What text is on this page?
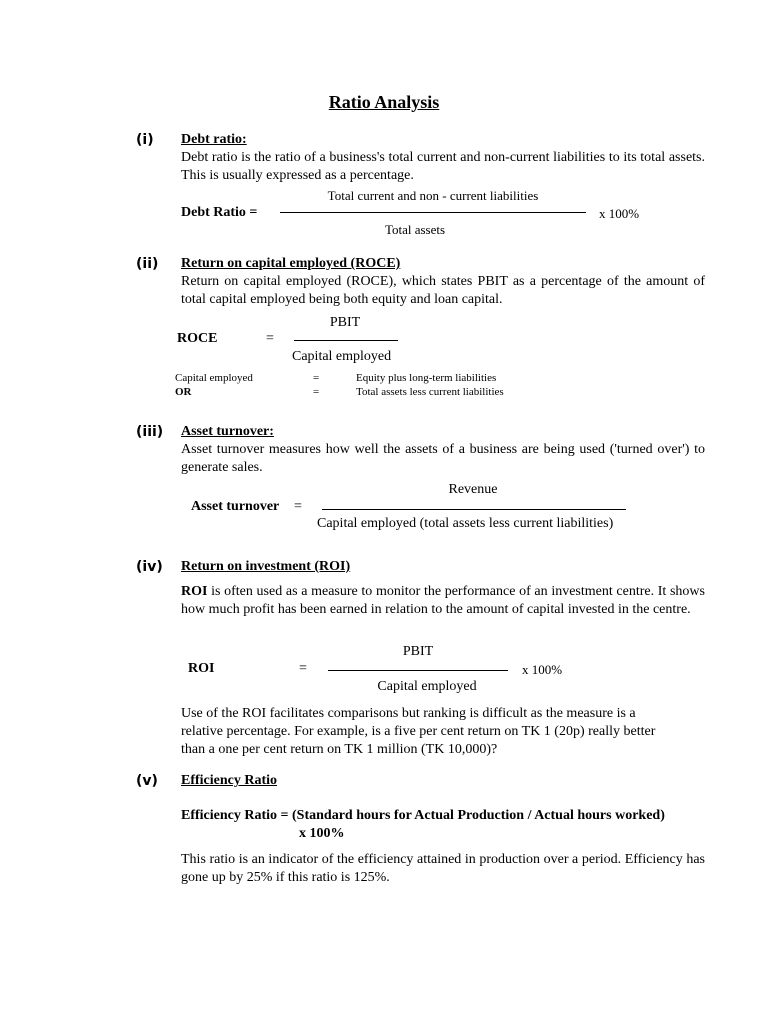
Ratio Analysis
(i) Debt ratio:
Debt ratio is the ratio of a business's total current and non-current liabilities to its total assets. This is usually expressed as a percentage.
Total current and non - current liabilities
Debt Ratio =	x 100%
Total assets
(ii) Return on capital employed (ROCE)
Return on capital employed (ROCE), which states PBIT as a percentage of the amount of total capital employed being both equity and loan capital.
PBIT
ROCE	=
Capital employed
Capital employed	=	Equity plus long-term liabilities
OR	=	Total assets less current liabilities
(iii) Asset turnover:
Asset turnover measures how well the assets of a business are being used ('turned over') to generate sales.
Revenue
Asset turnover =
Capital employed (total assets less current liabilities)
(iv) Return on investment (ROI)
ROI is often used as a measure to monitor the performance of an investment centre. It shows how much profit has been earned in relation to the amount of capital invested in the centre.
PBIT
ROI	=	x 100%
Capital employed
Use of the ROI facilitates comparisons but ranking is difficult as the measure is a relative percentage. For example, is a five per cent return on TK 1 (20p) really better than a one per cent return on TK 1 million (TK 10,000)?
(v) Efficiency Ratio
Efficiency Ratio = (Standard hours for Actual Production / Actual hours worked)
x 100%
This ratio is an indicator of the efficiency attained in production over a period. Efficiency has gone up by 25% if this ratio is 125%.
